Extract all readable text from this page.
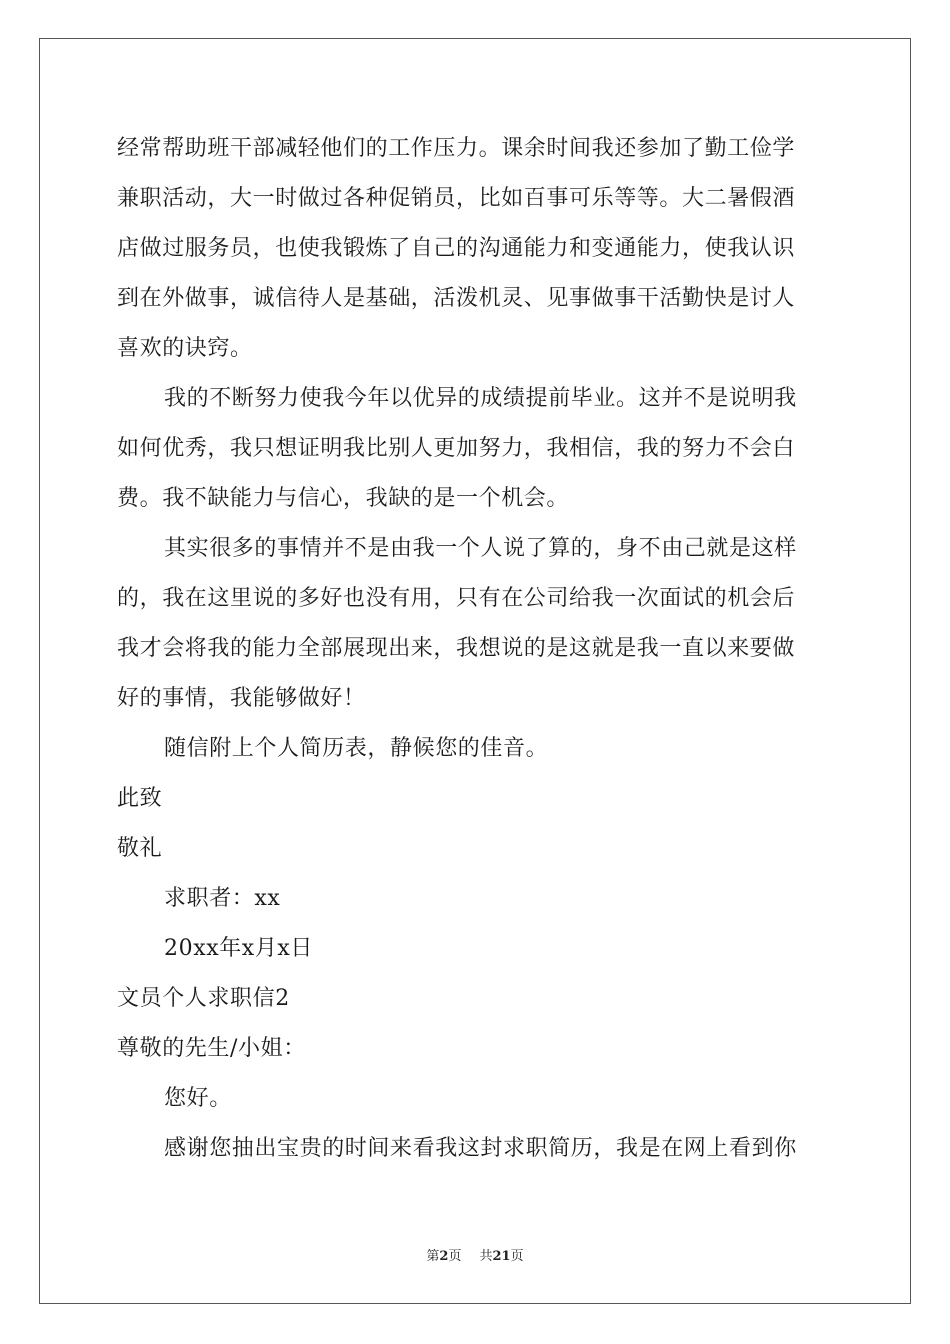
经常帮助班干部减轻他们的工作压力。课余时间我还参加了勤工俭学
兼职活动，大一时做过各种促销员，比如百事可乐等等。大二暑假酒
店做过服务员，也使我锻炼了自己的沟通能力和变通能力，使我认识
到在外做事，诚信待人是基础，活泼机灵、见事做事干活勤快是讨人
喜欢的诀窍。
我的不断努力使我今年以优异的成绩提前毕业。这并不是说明我
如何优秀，我只想证明我比别人更加努力，我相信，我的努力不会白
费。我不缺能力与信心，我缺的是一个机会。
其实很多的事情并不是由我一个人说了算的，身不由己就是这样
的，我在这里说的多好也没有用，只有在公司给我一次面试的机会后
我才会将我的能力全部展现出来，我想说的是这就是我一直以来要做
好的事情，我能够做好！
随信附上个人简历表，静候您的佳音。
此致
敬礼
求职者：xx
20xx年x月x日
文员个人求职信2
尊敬的先生/小姐：
您好。
感谢您抽出宝贵的时间来看我这封求职简历，我是在网上看到你
第2页 共21页
